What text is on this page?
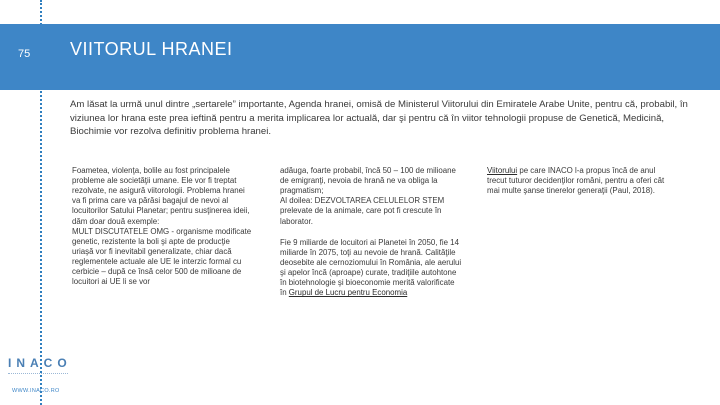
75 VIITORUL HRANEI
Am lăsat la urmă unul dintre „sertarele” importante, Agenda hranei, omisă de Ministerul Viitorului din Emiratele Arabe Unite, pentru că, probabil, în viziunea lor hrana este prea ieftină pentru a merita implicarea lor actuală, dar şi pentru că în viitor tehnologii propuse de Genetică, Medicină, Biochimie vor rezolva definitiv problema hranei.

Foametea, violenţa, bolile au fost principalele probleme ale societăţii umane. Ele vor fi treptat rezolvate, ne asigură viitorologii. Problema hranei va fi prima care va părăsi bagajul de nevoi al locuitorilor Satului Planetar; pentru susţinerea ideii, dăm doar două exemple:

MULT DISCUTATELE OMG - organisme modificate genetic, rezistente la boli şi apte de producţie uriaşă vor fi inevitabil generalizate, chiar dacă reglementele actuale ale UE le interzic formal cu cerbicie – după ce însă celor 500 de milioane de locuitori ai UE li se vor

adăuga, foarte probabil, încă 50 – 100 de milioane de emigranţi, nevoia de hrană ne va obliga la pragmatism;

Al doilea: DEZVOLTAREA CELULELOR STEM prelevate de la animale, care pot fi crescute în laborator.

Fie 9 miliarde de locuitori ai Planetei în 2050, fie 14 miliarde în 2075, toţi au nevoie de hrană. Calităţile deosebite ale cernoziomului în România, ale aerului şi apelor încă (aproape) curate, tradiţiile autohtone în biotehnologie şi bioeconomie merită valorificate în Grupul de Lucru pentru Economia

Viitorului pe care INACO l-a propus încă de anul trecut tuturor decidenţilor români, pentru a oferi cât mai multe şanse tinerelor generaţii (Paul, 2018).

INACO
WWW.INACO.RO
